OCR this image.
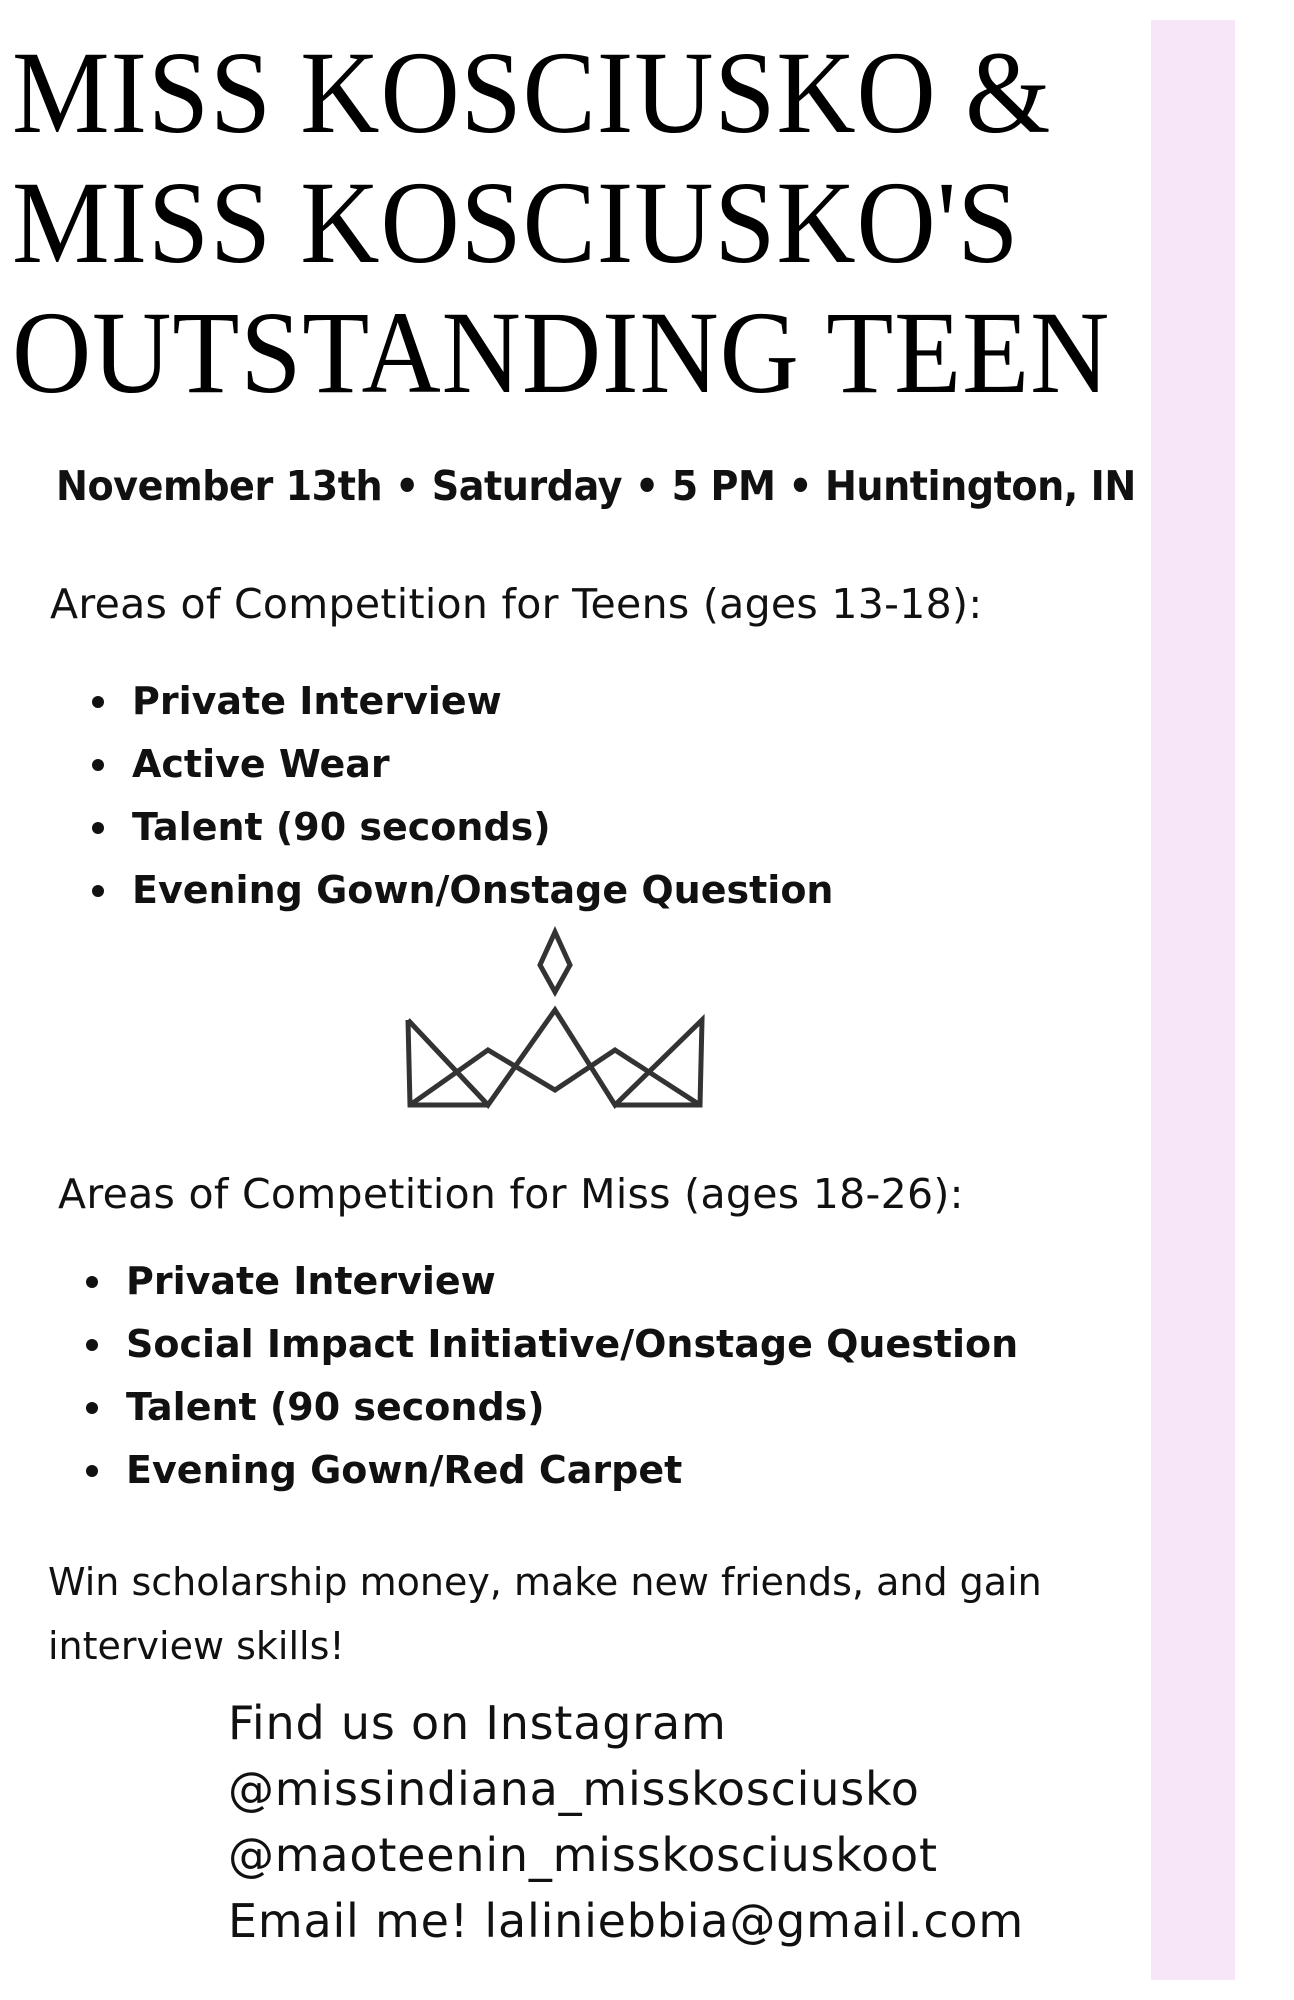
MISS KOSCIUSKO &
MISS KOSCIUSKO'S
OUTSTANDING TEEN
November 13th • Saturday • 5 PM • Huntington, IN
Areas of Competition for Teens (ages 13-18):
Private Interview
Active Wear
Talent (90 seconds)
Evening Gown/Onstage Question
Areas of Competition for Miss (ages 18-26):
Private Interview
Social Impact Initiative/Onstage Question
Talent (90 seconds)
Evening Gown/Red Carpet

Win scholarship money, make new friends, and gain interview skills!

Find us on Instagram
@missindiana_misskosciusko
@maoteenin_misskosciuskoot
Email me! laliniebbia@gmail.com
